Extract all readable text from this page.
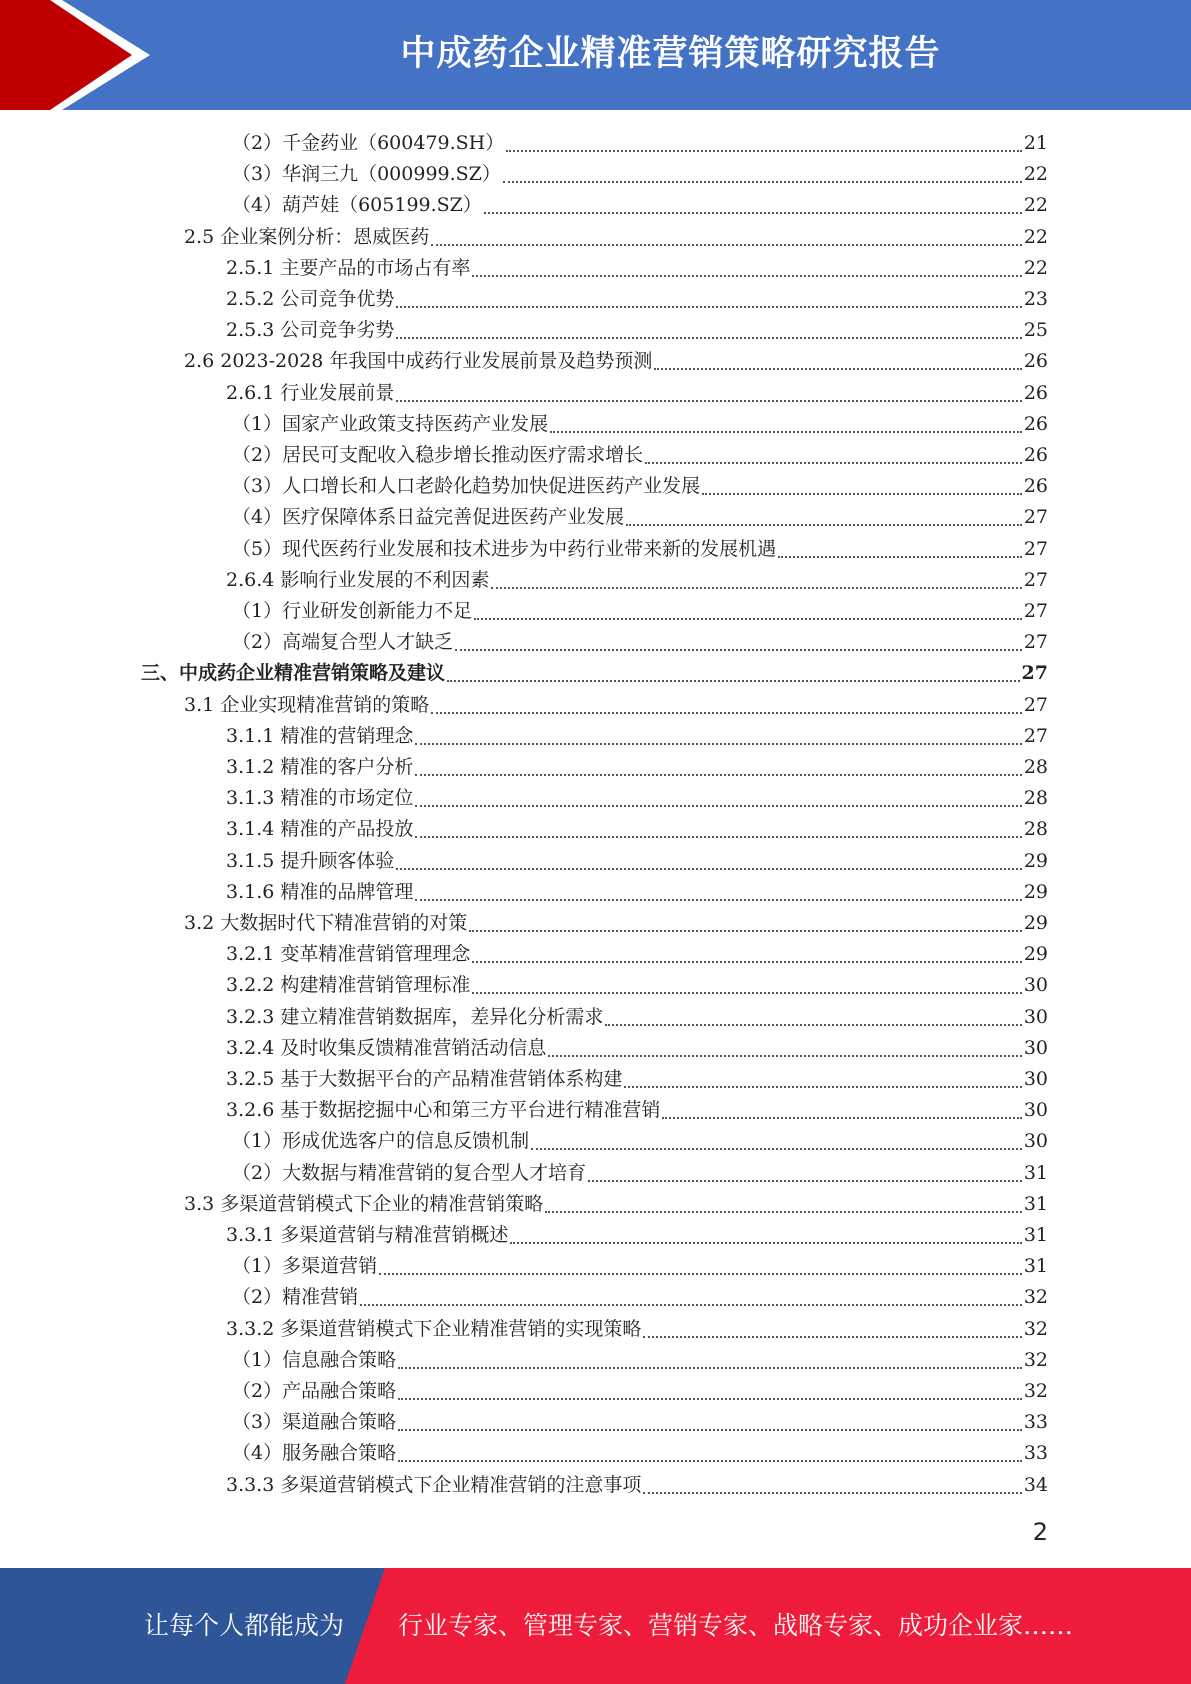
中成药企业精准营销策略研究报告
（2）千金药业（600479.SH）	21
（3）华润三九（000999.SZ）	22
（4）葫芦娃（605199.SZ）	22
2.5 企业案例分析：恩威医药	22
2.5.1 主要产品的市场占有率	22
2.5.2 公司竞争优势	23
2.5.3 公司竞争劣势	25
2.6 2023-2028 年我国中成药行业发展前景及趋势预测	26
2.6.1 行业发展前景	26
（1）国家产业政策支持医药产业发展	26
（2）居民可支配收入稳步增长推动医疗需求增长	26
（3）人口增长和人口老龄化趋势加快促进医药产业发展	26
（4）医疗保障体系日益完善促进医药产业发展	27
（5）现代医药行业发展和技术进步为中药行业带来新的发展机遇	27
2.6.4 影响行业发展的不利因素	27
（1）行业研发创新能力不足	27
（2）高端复合型人才缺乏	27
三、中成药企业精准营销策略及建议	27
3.1 企业实现精准营销的策略	27
3.1.1 精准的营销理念	27
3.1.2 精准的客户分析	28
3.1.3 精准的市场定位	28
3.1.4 精准的产品投放	28
3.1.5 提升顾客体验	29
3.1.6 精准的品牌管理	29
3.2 大数据时代下精准营销的对策	29
3.2.1 变革精准营销管理理念	29
3.2.2 构建精准营销管理标准	30
3.2.3 建立精准营销数据库，差异化分析需求	30
3.2.4 及时收集反馈精准营销活动信息	30
3.2.5 基于大数据平台的产品精准营销体系构建	30
3.2.6 基于数据挖掘中心和第三方平台进行精准营销	30
（1）形成优选客户的信息反馈机制	30
（2）大数据与精准营销的复合型人才培育	31
3.3 多渠道营销模式下企业的精准营销策略	31
3.3.1 多渠道营销与精准营销概述	31
（1）多渠道营销	31
（2）精准营销	32
3.3.2 多渠道营销模式下企业精准营销的实现策略	32
（1）信息融合策略	32
（2）产品融合策略	32
（3）渠道融合策略	33
（4）服务融合策略	33
3.3.3 多渠道营销模式下企业精准营销的注意事项	34
2
让每个人都能成为 行业专家、管理专家、营销专家、战略专家、成功企业家……
